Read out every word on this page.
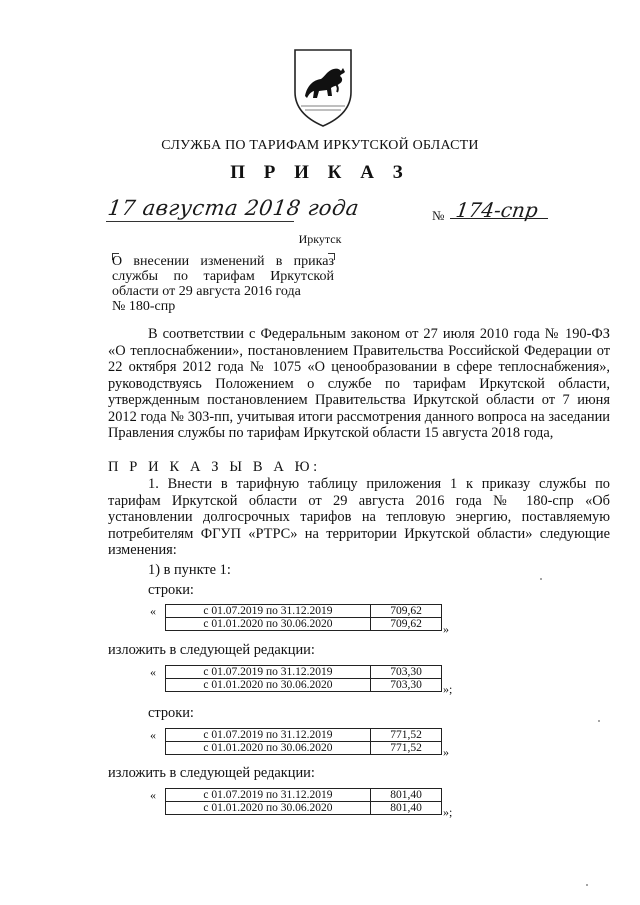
СЛУЖБА ПО ТАРИФАМ ИРКУТСКОЙ ОБЛАСТИ
П Р И К А З
17 августа 2018 года	№ 174-спр
Иркутск
О внесении изменений в приказ службы по тарифам Иркутской области от 29 августа 2016 года
№ 180-спр
В соответствии с Федеральным законом от 27 июля 2010 года № 190-ФЗ «О теплоснабжении», постановлением Правительства Российской Федерации от 22 октября 2012 года № 1075 «О ценообразовании в сфере теплоснабжения», руководствуясь Положением о службе по тарифам Иркутской области, утвержденным постановлением Правительства Иркутской области от 7 июня 2012 года № 303-пп, учитывая итоги рассмотрения данного вопроса на заседании Правления службы по тарифам Иркутской области 15 августа 2018 года,
П Р И К А З Ы В А Ю:
1. Внести в тарифную таблицу приложения 1 к приказу службы по тарифам Иркутской области от 29 августа 2016 года № 180-спр «Об установлении долгосрочных тарифов на тепловую энергию, поставляемую потребителям ФГУП «РТРС» на территории Иркутской области» следующие изменения:
1) в пункте 1:
строки:
«	с 01.07.2019 по 31.12.2019	709,62
с 01.01.2020 по 30.06.2020	709,62 »
изложить в следующей редакции:
«	с 01.07.2019 по 31.12.2019	703,30
с 01.01.2020 по 30.06.2020	703,30 »;
строки:
«	с 01.07.2019 по 31.12.2019	771,52
с 01.01.2020 по 30.06.2020	771,52 »
изложить в следующей редакции:
«	с 01.07.2019 по 31.12.2019	801,40
с 01.01.2020 по 30.06.2020	801,40 »;
